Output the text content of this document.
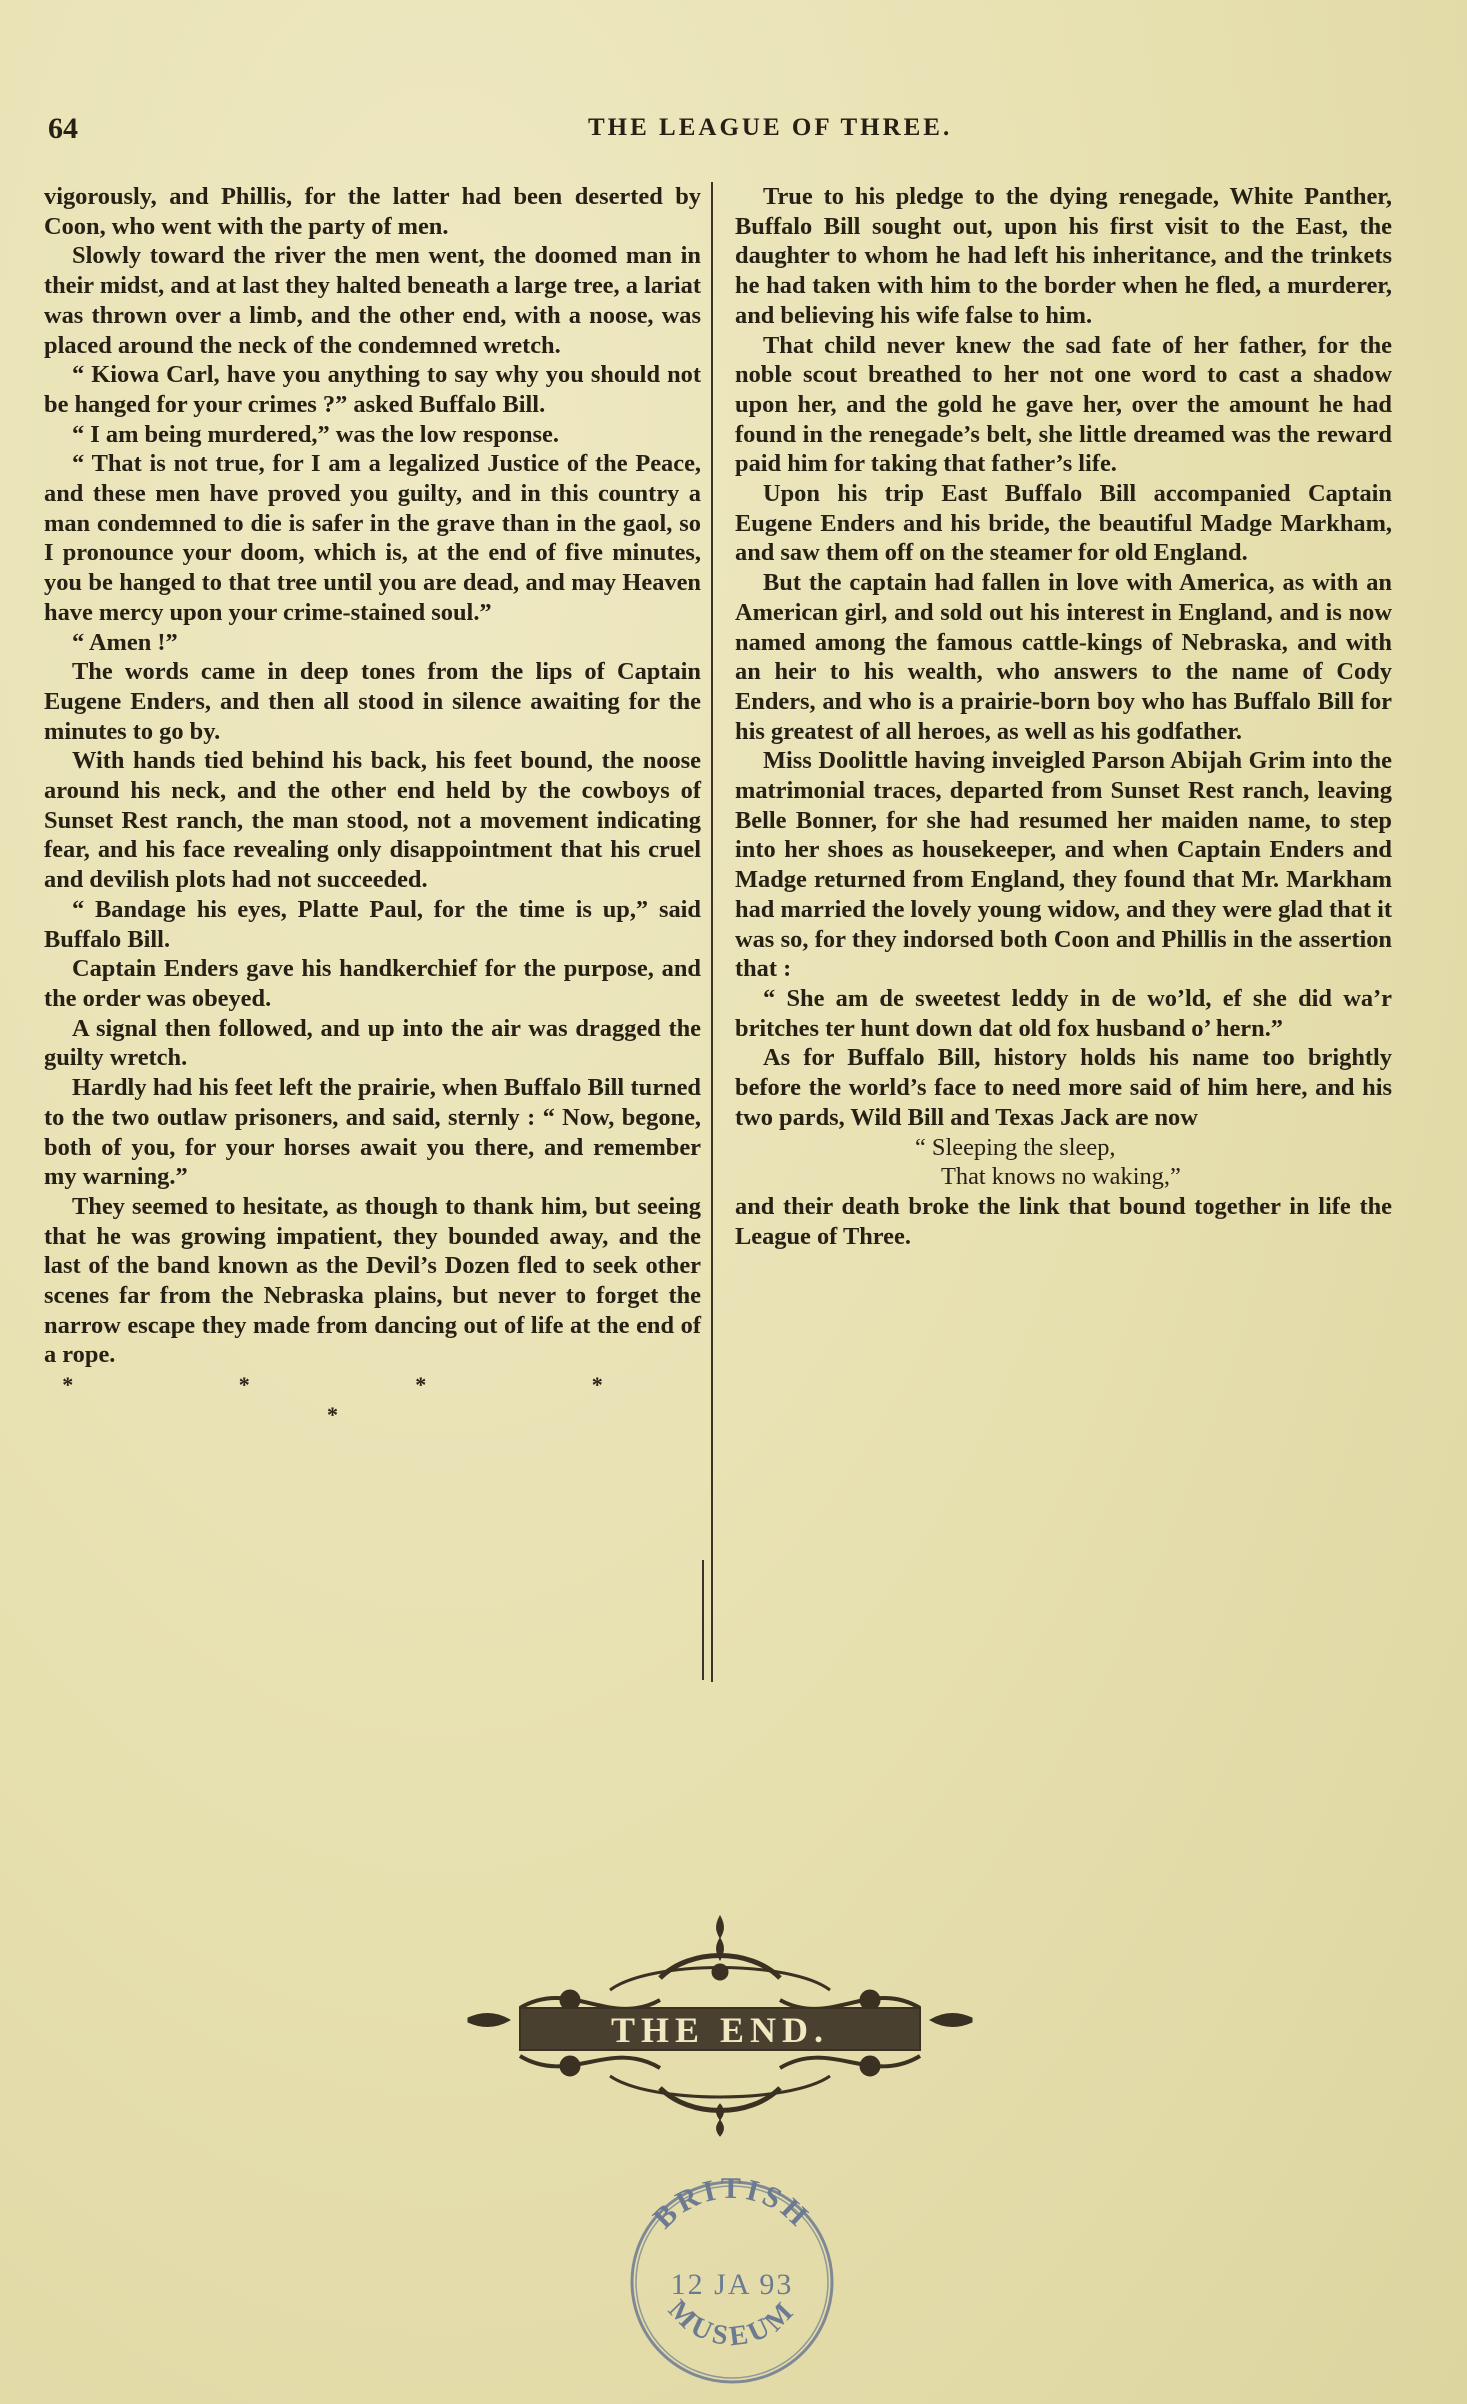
64	THE LEAGUE OF THREE.

vigorously, and Phillis, for the latter had been deserted by Coon, who went with the party of men.

Slowly toward the river the men went, the doomed man in their midst, and at last they halted beneath a large tree, a lariat was thrown over a limb, and the other end, with a noose, was placed around the neck of the condemned wretch.

“ Kiowa Carl, have you anything to say why you should not be hanged for your crimes ?” asked Buffalo Bill.

“ I am being murdered,” was the low response.

“ That is not true, for I am a legalized Justice of the Peace, and these men have proved you guilty, and in this country a man condemned to die is safer in the grave than in the gaol, so I pronounce your doom, which is, at the end of five minutes, you be hanged to that tree until you are dead, and may Heaven have mercy upon your crime-stained soul.”

“ Amen !”

The words came in deep tones from the lips of Captain Eugene Enders, and then all stood in silence awaiting for the minutes to go by.

With hands tied behind his back, his feet bound, the noose around his neck, and the other end held by the cowboys of Sunset Rest ranch, the man stood, not a movement indicating fear, and his face revealing only disappointment that his cruel and devilish plots had not succeeded.

“ Bandage his eyes, Platte Paul, for the time is up,” said Buffalo Bill.

Captain Enders gave his handkerchief for the purpose, and the order was obeyed.

A signal then followed, and up into the air was dragged the guilty wretch.

Hardly had his feet left the prairie, when Buffalo Bill turned to the two outlaw prisoners, and said, sternly : “ Now, begone, both of you, for your horses await you there, and remember my warning.”

They seemed to hesitate, as though to thank him, but seeing that he was growing impatient, they bounded away, and the last of the band known as the Devil’s Dozen fled to seek other scenes far from the Nebraska plains, but never to forget the narrow escape they made from dancing out of life at the end of a rope.

* * * * *

True to his pledge to the dying renegade, White Panther, Buffalo Bill sought out, upon his first visit to the East, the daughter to whom he had left his inheritance, and the trinkets he had taken with him to the border when he fled, a murderer, and believing his wife false to him.

That child never knew the sad fate of her father, for the noble scout breathed to her not one word to cast a shadow upon her, and the gold he gave her, over the amount he had found in the renegade’s belt, she little dreamed was the reward paid him for taking that father’s life.

Upon his trip East Buffalo Bill accompanied Captain Eugene Enders and his bride, the beautiful Madge Markham, and saw them off on the steamer for old England.

But the captain had fallen in love with America, as with an American girl, and sold out his interest in England, and is now named among the famous cattle-kings of Nebraska, and with an heir to his wealth, who answers to the name of Cody Enders, and who is a prairie-born boy who has Buffalo Bill for his greatest of all heroes, as well as his godfather.

Miss Doolittle having inveigled Parson Abijah Grim into the matrimonial traces, departed from Sunset Rest ranch, leaving Belle Bonner, for she had resumed her maiden name, to step into her shoes as housekeeper, and when Captain Enders and Madge returned from England, they found that Mr. Markham had married the lovely young widow, and they were glad that it was so, for they indorsed both Coon and Phillis in the assertion that :

“ She am de sweetest leddy in de wo’ld, ef she did wa’r britches ter hunt down dat old fox husband o’ hern.”

As for Buffalo Bill, history holds his name too brightly before the world’s face to need more said of him here, and his two pards, Wild Bill and Texas Jack are now

“ Sleeping the sleep,
That knows no waking,”

and their death broke the link that bound together in life the League of Three.

THE END.
BRITISH
12 JA 93
MUSEUM
